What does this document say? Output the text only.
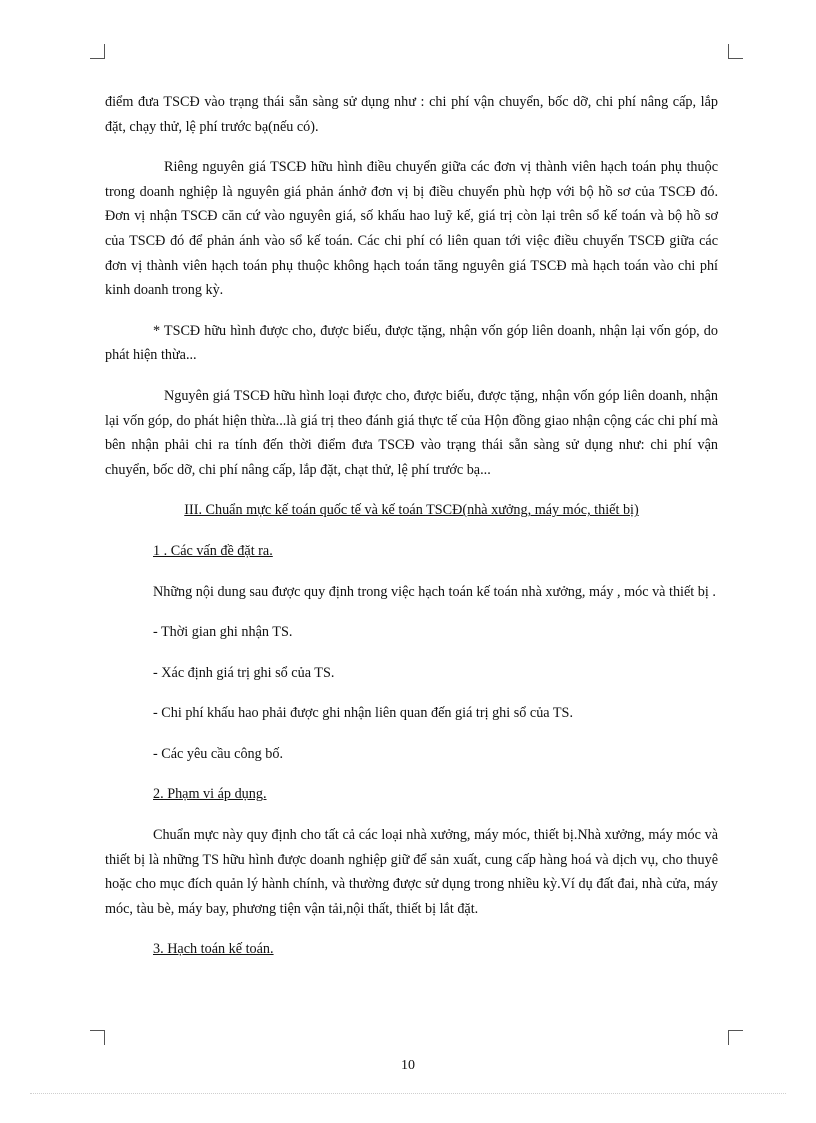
điểm đưa TSCĐ vào trạng thái sẵn sàng sử dụng như : chi phí vận chuyển, bốc dỡ, chi phí nâng cấp, lắp đặt, chạy thử, lệ phí trước bạ(nếu có).

Riêng nguyên giá TSCĐ hữu hình điều chuyển giữa các đơn vị thành viên hạch toán phụ thuộc trong doanh nghiệp là nguyên giá phản ánhở đơn vị bị điều chuyển phù hợp với bộ hồ sơ của TSCĐ đó. Đơn vị nhận TSCĐ căn cứ vào nguyên giá, số khấu hao luỹ kế, giá trị còn lại trên sổ kế toán và bộ hồ sơ của TSCĐ đó để phản ánh vào sổ kế toán. Các chi phí có liên quan tới việc điều chuyển TSCĐ giữa các đơn vị thành viên hạch toán phụ thuộc không hạch toán tăng nguyên giá TSCĐ mà hạch toán vào chi phí kinh doanh trong kỳ.

* TSCĐ hữu hình được cho, được biếu, được tặng, nhận vốn góp liên doanh, nhận lại vốn góp, do phát hiện thừa...

Nguyên giá TSCĐ hữu hình loại được cho, được biếu, được tặng, nhận vốn góp liên doanh, nhận lại vốn góp, do phát hiện thừa...là giá trị theo đánh giá thực tế của Hộn đồng giao nhận cộng các chi phí mà bên nhận phải chi ra tính đến thời điểm đưa TSCĐ vào trạng thái sẵn sàng sử dụng như: chi phí vận chuyển, bốc dỡ, chi phí nâng cấp, lắp đặt, chạt thử, lệ phí trước bạ...

III. Chuẩn mực kế toán quốc tế và kế toán TSCĐ(nhà xưởng, máy móc, thiết bị)

1 . Các vấn đề đặt ra.

Những nội dung sau được quy định trong việc hạch toán kế toán nhà xưởng, máy , móc và thiết bị .

- Thời gian ghi nhận TS.

- Xác định giá trị ghi sổ của TS.

- Chi phí khấu hao phải được ghi nhận liên quan đến giá trị ghi sổ của TS.

- Các yêu cầu công bố.

2. Phạm vi áp dụng.

Chuẩn mực này quy định cho tất cả các loại nhà xưởng, máy móc, thiết bị.Nhà xưởng, máy móc và thiết bị là những TS hữu hình được doanh nghiệp giữ để sản xuất, cung cấp hàng hoá và dịch vụ, cho thuyê hoặc cho mục đích quản lý hành chính, và thường được sử dụng trong nhiều kỳ.Ví dụ đất đai, nhà cửa, máy móc, tàu bè, máy bay, phương tiện vận tải,nội thất, thiết bị lắt đặt.

3. Hạch toán kế toán.

10
